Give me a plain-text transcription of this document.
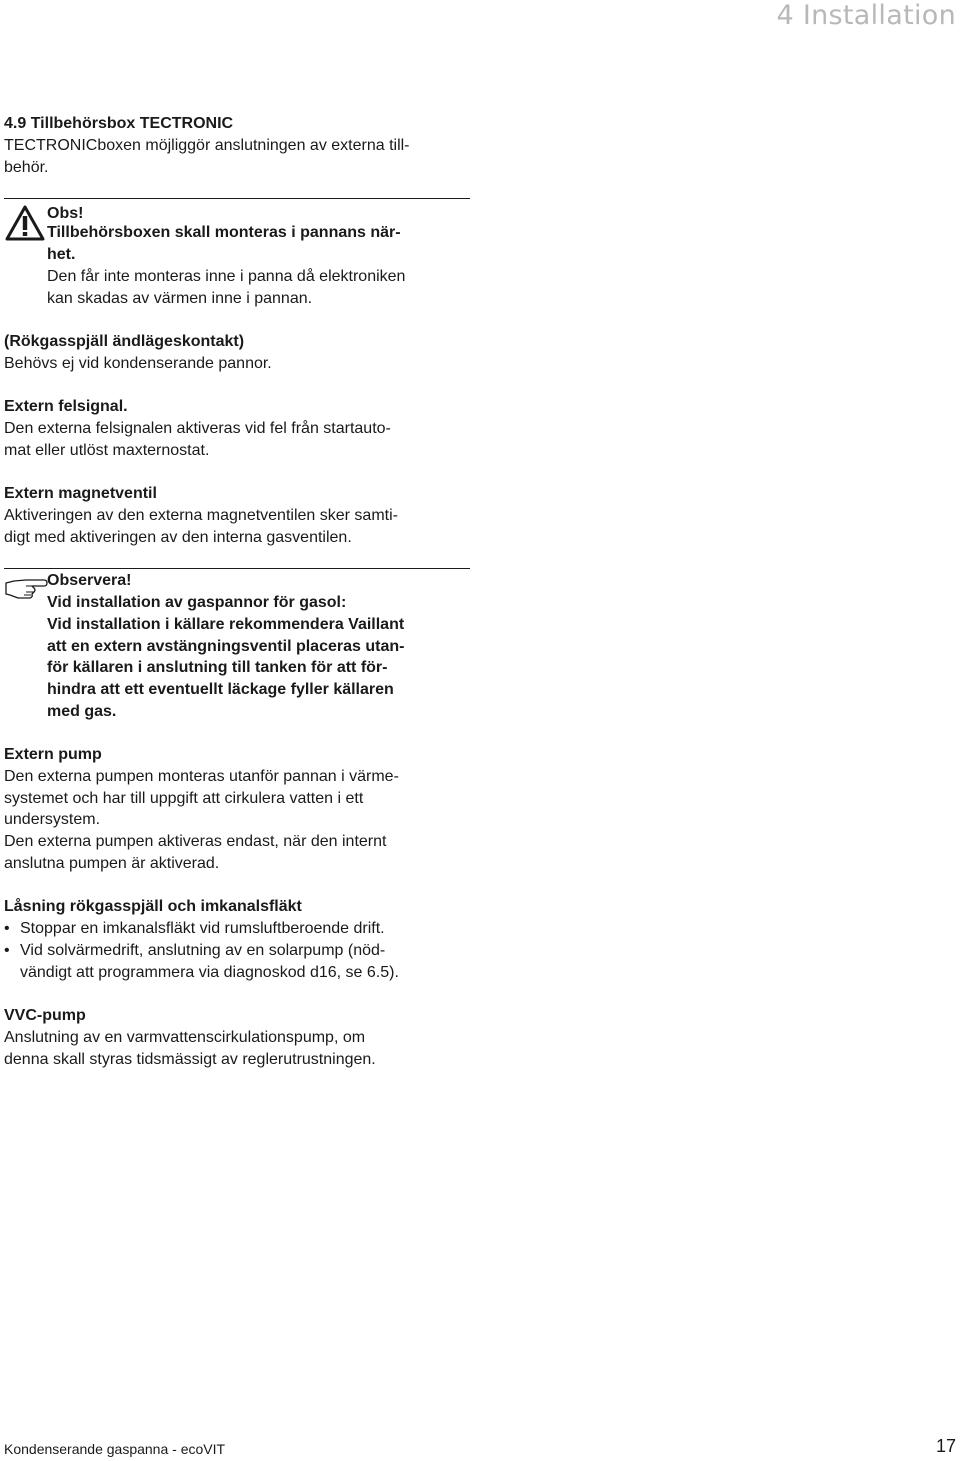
4 Installation
4.9 Tillbehörsbox TECTRONIC
TECTRONICboxen möjliggör anslutningen av externa till-
behör.
Obs!
Tillbehörsboxen skall monteras i pannans när-
het.
Den får inte monteras inne i panna då elektroniken
kan skadas av värmen inne i pannan.
(Rökgasspjäll ändlägeskontakt)
Behövs ej vid kondenserande pannor.
Extern felsignal.
Den externa felsignalen aktiveras vid fel från startauto-
mat eller utlöst maxternostat.
Extern magnetventil
Aktiveringen av den externa magnetventilen sker samti-
digt med aktiveringen av den interna gasventilen.
Observera!
Vid installation av gaspannor för gasol:
Vid installation i källare rekommendera Vaillant
att en extern avstängningsventil placeras utan-
för källaren i anslutning till tanken för att för-
hindra att ett eventuellt läckage fyller källaren
med gas.
Extern pump
Den externa pumpen monteras utanför pannan i värme-
systemet och har till uppgift att cirkulera vatten i ett
undersystem.
Den externa pumpen aktiveras endast, när den internt
anslutna pumpen är aktiverad.
Låsning rökgasspjäll och imkanalsfläkt
• Stoppar en imkanalsfläkt vid rumsluftberoende drift.
• Vid solvärmedrift, anslutning av en solarpump (nöd-
vändigt att programmera via diagnoskod d16, se 6.5).
VVC-pump
Anslutning av en varmvattenscirkulationspump, om
denna skall styras tidsmässigt av reglerutrustningen.
Kondenserande gaspanna - ecoVIT	17
